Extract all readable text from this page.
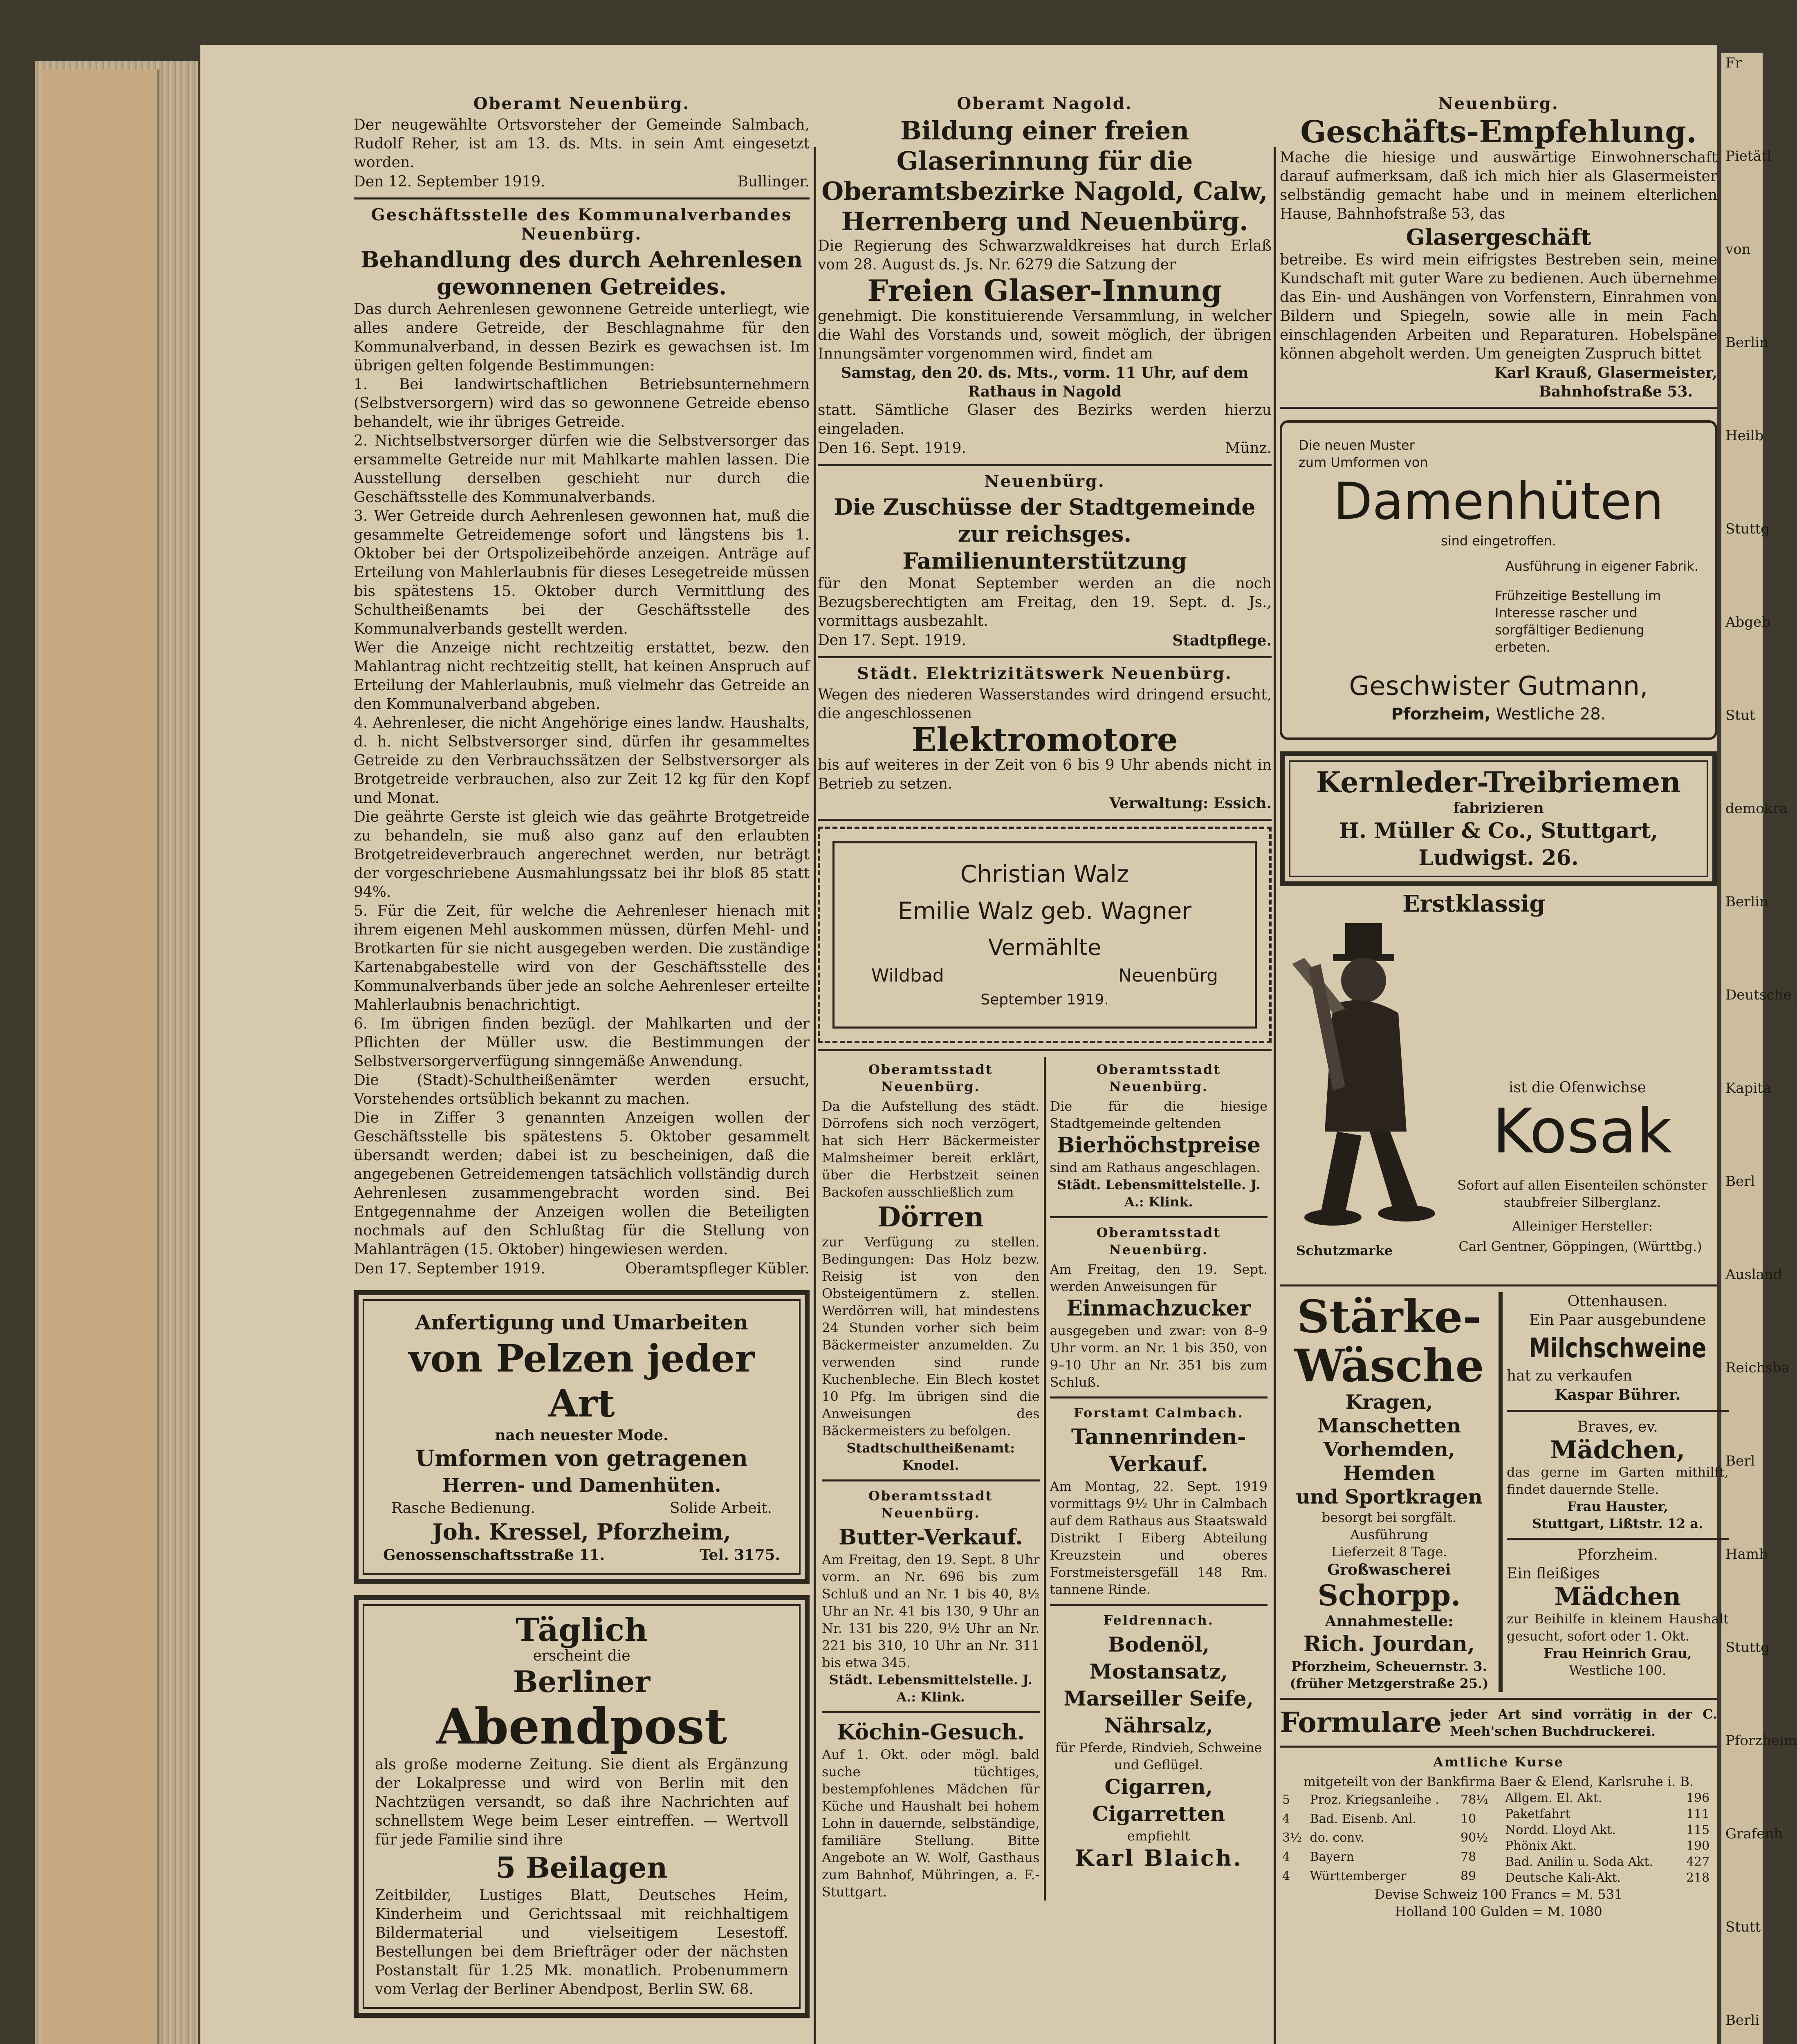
Fr

Pietätl

von

Berlin

Heilb

Stuttg

Abgeb

Stut

demokra

Berlin

Deutsche

Kapita

Berl

Ausland

Reichsba

Berl

Hamb

Stuttg

Pforzheim

Grafenh

Stutt

Berli

Oberamt Neuenbürg.

Der neugewählte Ortsvorsteher der Gemeinde Salmbach, Rudolf Reher, ist am 13. ds. Mts. in sein Amt eingesetzt worden.

Den 12. September 1919.	Bullinger.
Geschäftsstelle des Kommunalverbandes Neuenbürg.
Behandlung des durch Aehrenlesen gewonnenen Getreides.

Das durch Aehrenlesen gewonnene Getreide unterliegt, wie alles andere Getreide, der Beschlagnahme für den Kommunalverband, in dessen Bezirk es gewachsen ist. Im übrigen gelten folgende Bestimmungen:

1. Bei landwirtschaftlichen Betriebsunternehmern (Selbstversorgern) wird das so gewonnene Getreide ebenso behandelt, wie ihr übriges Getreide.

2. Nichtselbstversorger dürfen wie die Selbstversorger das ersammelte Getreide nur mit Mahlkarte mahlen lassen. Die Ausstellung derselben geschieht nur durch die Geschäftsstelle des Kommunalverbands.

3. Wer Getreide durch Aehrenlesen gewonnen hat, muß die gesammelte Getreidemenge sofort und längstens bis 1. Oktober bei der Ortspolizeibehörde anzeigen. Anträge auf Erteilung von Mahlerlaubnis für dieses Lesegetreide müssen bis spätestens 15. Oktober durch Vermittlung des Schultheißenamts bei der Geschäftsstelle des Kommunalverbands gestellt werden.

Wer die Anzeige nicht rechtzeitig erstattet, bezw. den Mahlantrag nicht rechtzeitig stellt, hat keinen Anspruch auf Erteilung der Mahlerlaubnis, muß vielmehr das Getreide an den Kommunalverband abgeben.

4. Aehrenleser, die nicht Angehörige eines landw. Haushalts, d. h. nicht Selbstversorger sind, dürfen ihr gesammeltes Getreide zu den Verbrauchssätzen der Selbstversorger als Brotgetreide verbrauchen, also zur Zeit 12 kg für den Kopf und Monat.

Die geährte Gerste ist gleich wie das geährte Brotgetreide zu behandeln, sie muß also ganz auf den erlaubten Brotgetreideverbrauch angerechnet werden, nur beträgt der vorgeschriebene Ausmahlungssatz bei ihr bloß 85 statt 94%.

5. Für die Zeit, für welche die Aehrenleser hienach mit ihrem eigenen Mehl auskommen müssen, dürfen Mehl- und Brotkarten für sie nicht ausgegeben werden. Die zuständige Kartenabgabestelle wird von der Geschäftsstelle des Kommunalverbands über jede an solche Aehrenleser erteilte Mahlerlaubnis benachrichtigt.

6. Im übrigen finden bezügl. der Mahlkarten und der Pflichten der Müller usw. die Bestimmungen der Selbstversorgerverfügung sinngemäße Anwendung.

Die (Stadt)-Schultheißenämter werden ersucht, Vorstehendes ortsüblich bekannt zu machen.

Die in Ziffer 3 genannten Anzeigen wollen der Geschäftsstelle bis spätestens 5. Oktober gesammelt übersandt werden; dabei ist zu bescheinigen, daß die angegebenen Getreidemengen tatsächlich vollständig durch Aehrenlesen zusammengebracht worden sind. Bei Entgegennahme der Anzeigen wollen die Beteiligten nochmals auf den Schlußtag für die Stellung von Mahlanträgen (15. Oktober) hingewiesen werden.

Den 17. September 1919.	Oberamtspfleger Kübler.
Anfertigung und Umarbeiten
von Pelzen jeder Art
nach neuester Mode.
Umformen von getragenen
Herren- und Damenhüten.
Rasche Bedienung.	Solide Arbeit.
Joh. Kressel, Pforzheim,
Genossenschaftsstraße 11.	Tel. 3175.
Täglich
erscheint die
Berliner
Abendpost

als große moderne Zeitung. Sie dient als Ergänzung der Lokalpresse und wird von Berlin mit den Nachtzügen versandt, so daß ihre Nachrichten auf schnellstem Wege beim Leser eintreffen. — Wertvoll für jede Familie sind ihre

5 Beilagen

Zeitbilder, Lustiges Blatt, Deutsches Heim, Kinderheim und Gerichtssaal mit reichhaltigem Bildermaterial und vielseitigem Lesestoff. Bestellungen bei dem Briefträger oder der nächsten Postanstalt für 1.25 Mk. monatlich. Probenummern vom Verlag der Berliner Abendpost, Berlin SW. 68.

Oberamt Nagold.
Bildung einer freien Glaserinnung für die Oberamtsbezirke Nagold, Calw, Herrenberg und Neuenbürg.

Die Regierung des Schwarzwaldkreises hat durch Erlaß vom 28. August ds. Js. Nr. 6279 die Satzung der

Freien Glaser-Innung

genehmigt. Die konstituierende Versammlung, in welcher die Wahl des Vorstands und, soweit möglich, der übrigen Innungsämter vorgenommen wird, findet am

Samstag, den 20. ds. Mts., vorm. 11 Uhr, auf dem Rathaus in Nagold

statt. Sämtliche Glaser des Bezirks werden hierzu eingeladen.

Den 16. Sept. 1919.	Münz.
Neuenbürg.
Die Zuschüsse der Stadtgemeinde zur reichsges. Familienunterstützung

für den Monat September werden an die noch Bezugsberechtigten am Freitag, den 19. Sept. d. Js., vormittags ausbezahlt.

Den 17. Sept. 1919.	Stadtpflege.
Städt. Elektrizitätswerk Neuenbürg.

Wegen des niederen Wasserstandes wird dringend ersucht, die angeschlossenen

Elektromotore

bis auf weiteres in der Zeit von 6 bis 9 Uhr abends nicht in Betrieb zu setzen.

Verwaltung: Essich.
Christian Walz
Emilie Walz geb. Wagner
Vermählte
Wildbad	Neuenbürg
September 1919.
Oberamtsstadt Neuenbürg.

Da die Aufstellung des städt. Dörrofens sich noch verzögert, hat sich Herr Bäckermeister Malmsheimer bereit erklärt, über die Herbstzeit seinen Backofen ausschließlich zum

Dörren

zur Verfügung zu stellen. Bedingungen: Das Holz bezw. Reisig ist von den Obsteigentümern z. stellen. Werdörren will, hat mindestens 24 Stunden vorher sich beim Bäckermeister anzumelden. Zu verwenden sind runde Kuchenbleche. Ein Blech kostet 10 Pfg. Im übrigen sind die Anweisungen des Bäckermeisters zu befolgen.

Stadtschultheißenamt: Knodel.

Oberamtsstadt Neuenbürg.
Butter-Verkauf.

Am Freitag, den 19. Sept. 8 Uhr vorm. an Nr. 696 bis zum Schluß und an Nr. 1 bis 40, 8½ Uhr an Nr. 41 bis 130, 9 Uhr an Nr. 131 bis 220, 9½ Uhr an Nr. 221 bis 310, 10 Uhr an Nr. 311 bis etwa 345.

Städt. Lebensmittelstelle. J. A.: Klink.

Köchin-Gesuch.

Auf 1. Okt. oder mögl. bald suche tüchtiges, bestempfohlenes Mädchen für Küche und Haushalt bei hohem Lohn in dauernde, selbständige, familiäre Stellung. Bitte Angebote an W. Wolf, Gasthaus zum Bahnhof, Mühringen, a. F.-Stuttgart.

Oberamtsstadt Neuenbürg.

Die für die hiesige Stadtgemeinde geltenden

Bierhöchstpreise

sind am Rathaus angeschlagen.

Städt. Lebensmittelstelle. J. A.: Klink.

Oberamtsstadt Neuenbürg.

Am Freitag, den 19. Sept. werden Anweisungen für

Einmachzucker

ausgegeben und zwar: von 8–9 Uhr vorm. an Nr. 1 bis 350, von 9–10 Uhr an Nr. 351 bis zum Schluß.

Forstamt Calmbach.
Tannenrinden-Verkauf.

Am Montag, 22. Sept. 1919 vormittags 9½ Uhr in Calmbach auf dem Rathaus aus Staatswald Distrikt I Eiberg Abteilung Kreuzstein und oberes Forstmeistersgefäll 148 Rm. tannene Rinde.

Feldrennach.
Bodenöl,
Mostansatz,
Marseiller Seife,
Nährsalz,

für Pferde, Rindvieh, Schweine und Geflügel.

Cigarren,
Cigarretten

empfiehlt

Karl Blaich.
Neuenbürg.
Geschäfts-Empfehlung.

Mache die hiesige und auswärtige Einwohnerschaft darauf aufmerksam, daß ich mich hier als Glasermeister selbständig gemacht habe und in meinem elterlichen Hause, Bahnhofstraße 53, das

Glasergeschäft

betreibe. Es wird mein eifrigstes Bestreben sein, meine Kundschaft mit guter Ware zu bedienen. Auch übernehme das Ein- und Aushängen von Vorfenstern, Einrahmen von Bildern und Spiegeln, sowie alle in mein Fach einschlagenden Arbeiten und Reparaturen. Hobelspäne können abgeholt werden. Um geneigten Zuspruch bittet

Karl Krauß, Glasermeister,

Bahnhofstraße 53.

Die neuen Muster
zum Umformen von
Damenhüten
sind eingetroffen.
Ausführung in eigener Fabrik.
Frühzeitige Bestellung im Interesse rascher und sorgfältiger Bedienung erbeten.
Geschwister Gutmann,
Pforzheim, Westliche 28.
Kernleder-Treibriemen
fabrizieren
H. Müller & Co., Stuttgart, Ludwigst. 26.
Erstklassig
Schutzmarke
ist die Ofenwichse
Kosak
Sofort auf allen Eisenteilen schönster staubfreier Silberglanz.
Alleiniger Hersteller:
Carl Gentner, Göppingen, (Württbg.)
Stärke-
Wäsche
Kragen, Manschetten
Vorhemden, Hemden
und Sportkragen
besorgt bei sorgfält. Ausführung
Lieferzeit 8 Tage.
Großwascherei
Schorpp.
Annahmestelle:
Rich. Jourdan,
Pforzheim, Scheuernstr. 3.
(früher Metzgerstraße 25.)
Ottenhausen.
Ein Paar ausgebundene
Milchschweine
hat zu verkaufen
Kaspar Bührer.
Braves, ev.
Mädchen,

das gerne im Garten mithilft, findet dauernde Stelle.

Frau Hauster,
Stuttgart, Lißtstr. 12 a.
Pforzheim.
Ein fleißiges
Mädchen

zur Beihilfe in kleinem Haushalt gesucht, sofort oder 1. Okt.

Frau Heinrich Grau,
Westliche 100.
Formulare jeder Art sind vorrätig in der C. Meeh'schen Buchdruckerei.
Amtliche Kurse
mitgeteilt von der Bankfirma Baer & Elend, Karlsruhe i. B.
5	Proz. Kriegsanleihe .	78¼
4	Bad. Eisenb. Anl.	10
3½	do. conv.	90½
4	Bayern	78
4	Württemberger	89
Allgem. El. Akt.	196
Paketfahrt	111
Nordd. Lloyd Akt.	115
Phönix Akt.	190
Bad. Anilin u. Soda Akt.	427
Deutsche Kali-Akt.	218
Devise Schweiz 100 Francs = M. 531
Holland 100 Gulden = M. 1080
